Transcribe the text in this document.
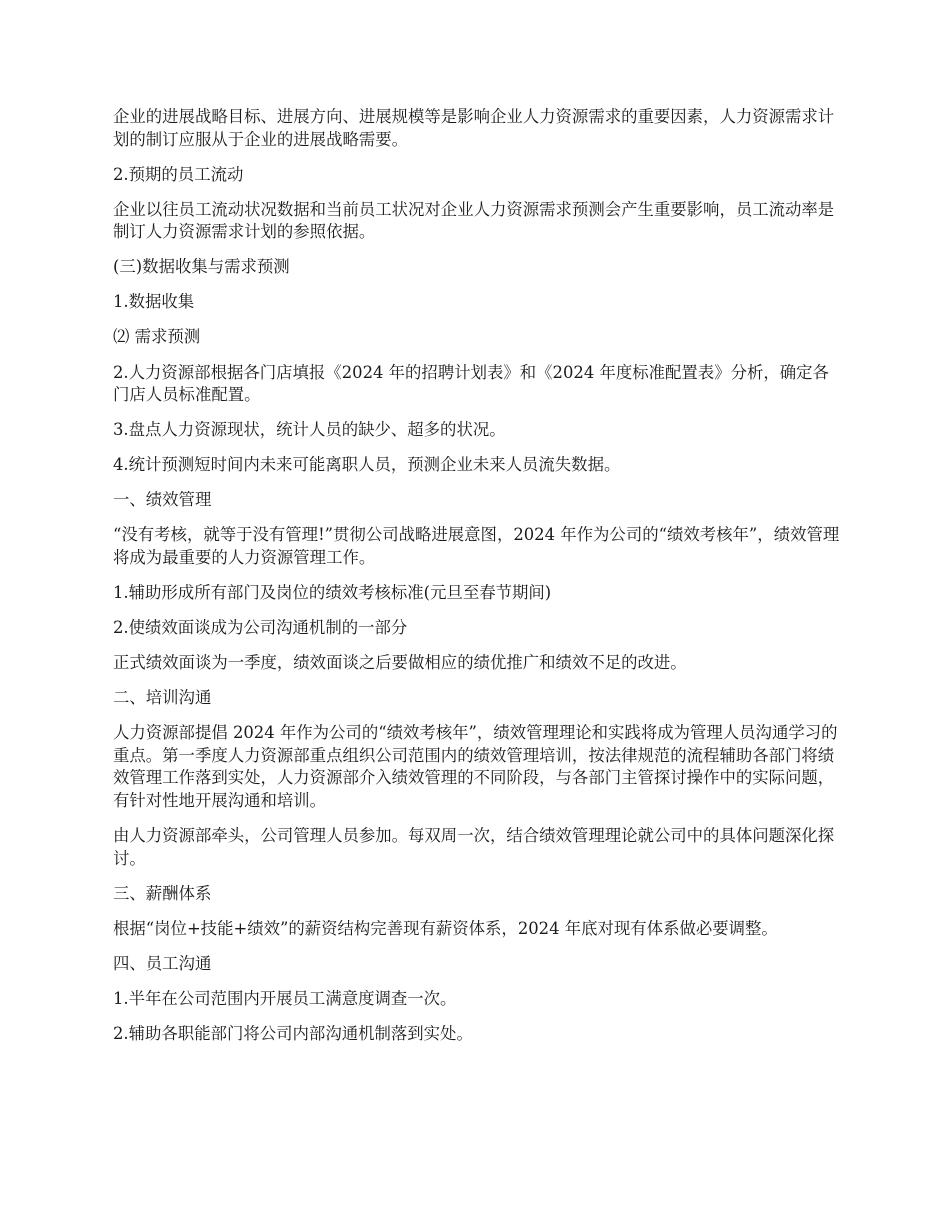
企业的进展战略目标、进展方向、进展规模等是影响企业人力资源需求的重要因素，人力资源需求计划的制订应服从于企业的进展战略需要。

2.预期的员工流动

企业以往员工流动状况数据和当前员工状况对企业人力资源需求预测会产生重要影响，员工流动率是制订人力资源需求计划的参照依据。

(三)数据收集与需求预测

1.数据收集

⑵ 需求预测

2.人力资源部根据各门店填报《2024 年的招聘计划表》和《2024 年度标准配置表》分析，确定各门店人员标准配置。

3.盘点人力资源现状，统计人员的缺少、超多的状况。

4.统计预测短时间内未来可能离职人员，预测企业未来人员流失数据。

一、绩效管理

“没有考核，就等于没有管理!”贯彻公司战略进展意图，2024 年作为公司的“绩效考核年”，绩效管理将成为最重要的人力资源管理工作。

1.辅助形成所有部门及岗位的绩效考核标准(元旦至春节期间)

2.使绩效面谈成为公司沟通机制的一部分

正式绩效面谈为一季度，绩效面谈之后要做相应的绩优推广和绩效不足的改进。

二、培训沟通

人力资源部提倡 2024 年作为公司的“绩效考核年”，绩效管理理论和实践将成为管理人员沟通学习的重点。第一季度人力资源部重点组织公司范围内的绩效管理培训，按法律规范的流程辅助各部门将绩效管理工作落到实处，人力资源部介入绩效管理的不同阶段，与各部门主管探讨操作中的实际问题，有针对性地开展沟通和培训。

由人力资源部牵头，公司管理人员参加。每双周一次，结合绩效管理理论就公司中的具体问题深化探讨。

三、薪酬体系

根据“岗位+技能+绩效”的薪资结构完善现有薪资体系，2024 年底对现有体系做必要调整。

四、员工沟通

1.半年在公司范围内开展员工满意度调查一次。

2.辅助各职能部门将公司内部沟通机制落到实处。
